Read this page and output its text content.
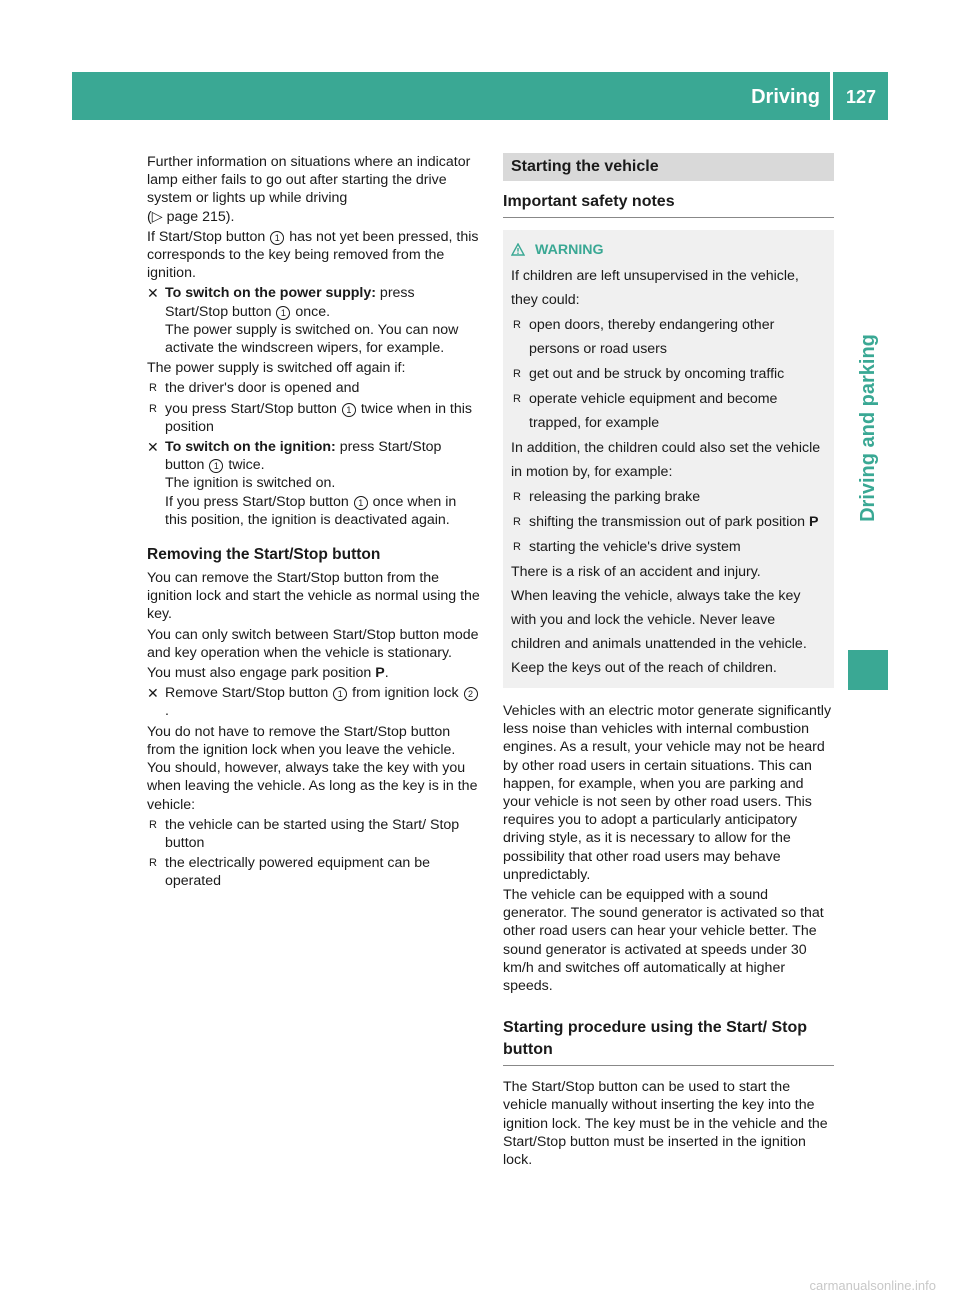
Driving 127
Driving and parking

Further information on situations where an indicator lamp either fails to go out after starting the drive system or lights up while driving
(▷ page 215).

If Start/Stop button 1 has not yet been pressed, this corresponds to the key being removed from the ignition.

✕ To switch on the power supply: press Start/Stop button 1 once.
The power supply is switched on. You can now activate the windscreen wipers, for example.

The power supply is switched off again if:

R the driver's door is opened and
R you press Start/Stop button 1 twice when in this position
✕ To switch on the ignition: press Start/Stop button 1 twice.
The ignition is switched on.
If you press Start/Stop button 1 once when in this position, the ignition is deactivated again.
Removing the Start/Stop button

You can remove the Start/Stop button from the ignition lock and start the vehicle as normal using the key.

You can only switch between Start/Stop button mode and key operation when the vehicle is stationary.

You must also engage park position P.

✕ Remove Start/Stop button 1 from ignition lock 2.

You do not have to remove the Start/Stop button from the ignition lock when you leave the vehicle. You should, however, always take the key with you when leaving the vehicle. As long as the key is in the vehicle:

R the vehicle can be started using the Start/ Stop button
R the electrically powered equipment can be operated
Starting the vehicle
Important safety notes
WARNING

If children are left unsupervised in the vehicle, they could:

R open doors, thereby endangering other persons or road users
R get out and be struck by oncoming traffic
R operate vehicle equipment and become trapped, for example

In addition, the children could also set the vehicle in motion by, for example:

R releasing the parking brake
R shifting the transmission out of park position P
R starting the vehicle's drive system

There is a risk of an accident and injury.

When leaving the vehicle, always take the key with you and lock the vehicle. Never leave children and animals unattended in the vehicle. Keep the keys out of the reach of children.

Vehicles with an electric motor generate significantly less noise than vehicles with internal combustion engines. As a result, your vehicle may not be heard by other road users in certain situations. This can happen, for example, when you are parking and your vehicle is not seen by other road users. This requires you to adopt a particularly anticipatory driving style, as it is necessary to allow for the possibility that other road users may behave unpredictably.

The vehicle can be equipped with a sound generator. The sound generator is activated so that other road users can hear your vehicle better. The sound generator is activated at speeds under 30 km/h and switches off automatically at higher speeds.

Starting procedure using the Start/ Stop button

The Start/Stop button can be used to start the vehicle manually without inserting the key into the ignition lock. The key must be in the vehicle and the Start/Stop button must be inserted in the ignition lock.

carmanualsonline.info
